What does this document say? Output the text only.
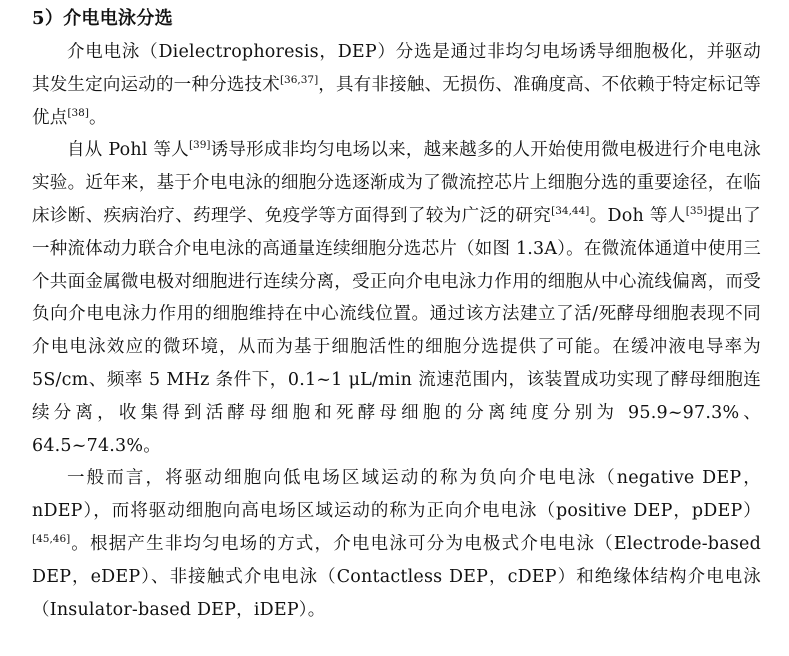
5）介电电泳分选

介电电泳（Dielectrophoresis，DEP）分选是通过非均匀电场诱导细胞极化，并驱动其发生定向运动的一种分选技术[36,37]，具有非接触、无损伤、准确度高、不依赖于特定标记等优点[38]。

自从 Pohl 等人[39]诱导形成非均匀电场以来，越来越多的人开始使用微电极进行介电电泳实验。近年来，基于介电电泳的细胞分选逐渐成为了微流控芯片上细胞分选的重要途径，在临床诊断、疾病治疗、药理学、免疫学等方面得到了较为广泛的研究[34,44]。Doh 等人[35]提出了一种流体动力联合介电电泳的高通量连续细胞分选芯片（如图 1.3A）。在微流体通道中使用三个共面金属微电极对细胞进行连续分离，受正向介电电泳力作用的细胞从中心流线偏离，而受负向介电电泳力作用的细胞维持在中心流线位置。通过该方法建立了活/死酵母细胞表现不同介电电泳效应的微环境，从而为基于细胞活性的细胞分选提供了可能。在缓冲液电导率为 5S/cm、频率 5 MHz 条件下，0.1~1 μL/min 流速范围内，该装置成功实现了酵母细胞连续分离，收集得到活酵母细胞和死酵母细胞的分离纯度分别为 95.9~97.3%、64.5~74.3%。

一般而言，将驱动细胞向低电场区域运动的称为负向介电电泳（negative DEP，nDEP），而将驱动细胞向高电场区域运动的称为正向介电电泳（positive DEP，pDEP）[45,46]。根据产生非均匀电场的方式，介电电泳可分为电极式介电电泳（Electrode-based DEP，eDEP）、非接触式介电电泳（Contactless DEP，cDEP）和绝缘体结构介电电泳（Insulator-based DEP，iDEP）。
